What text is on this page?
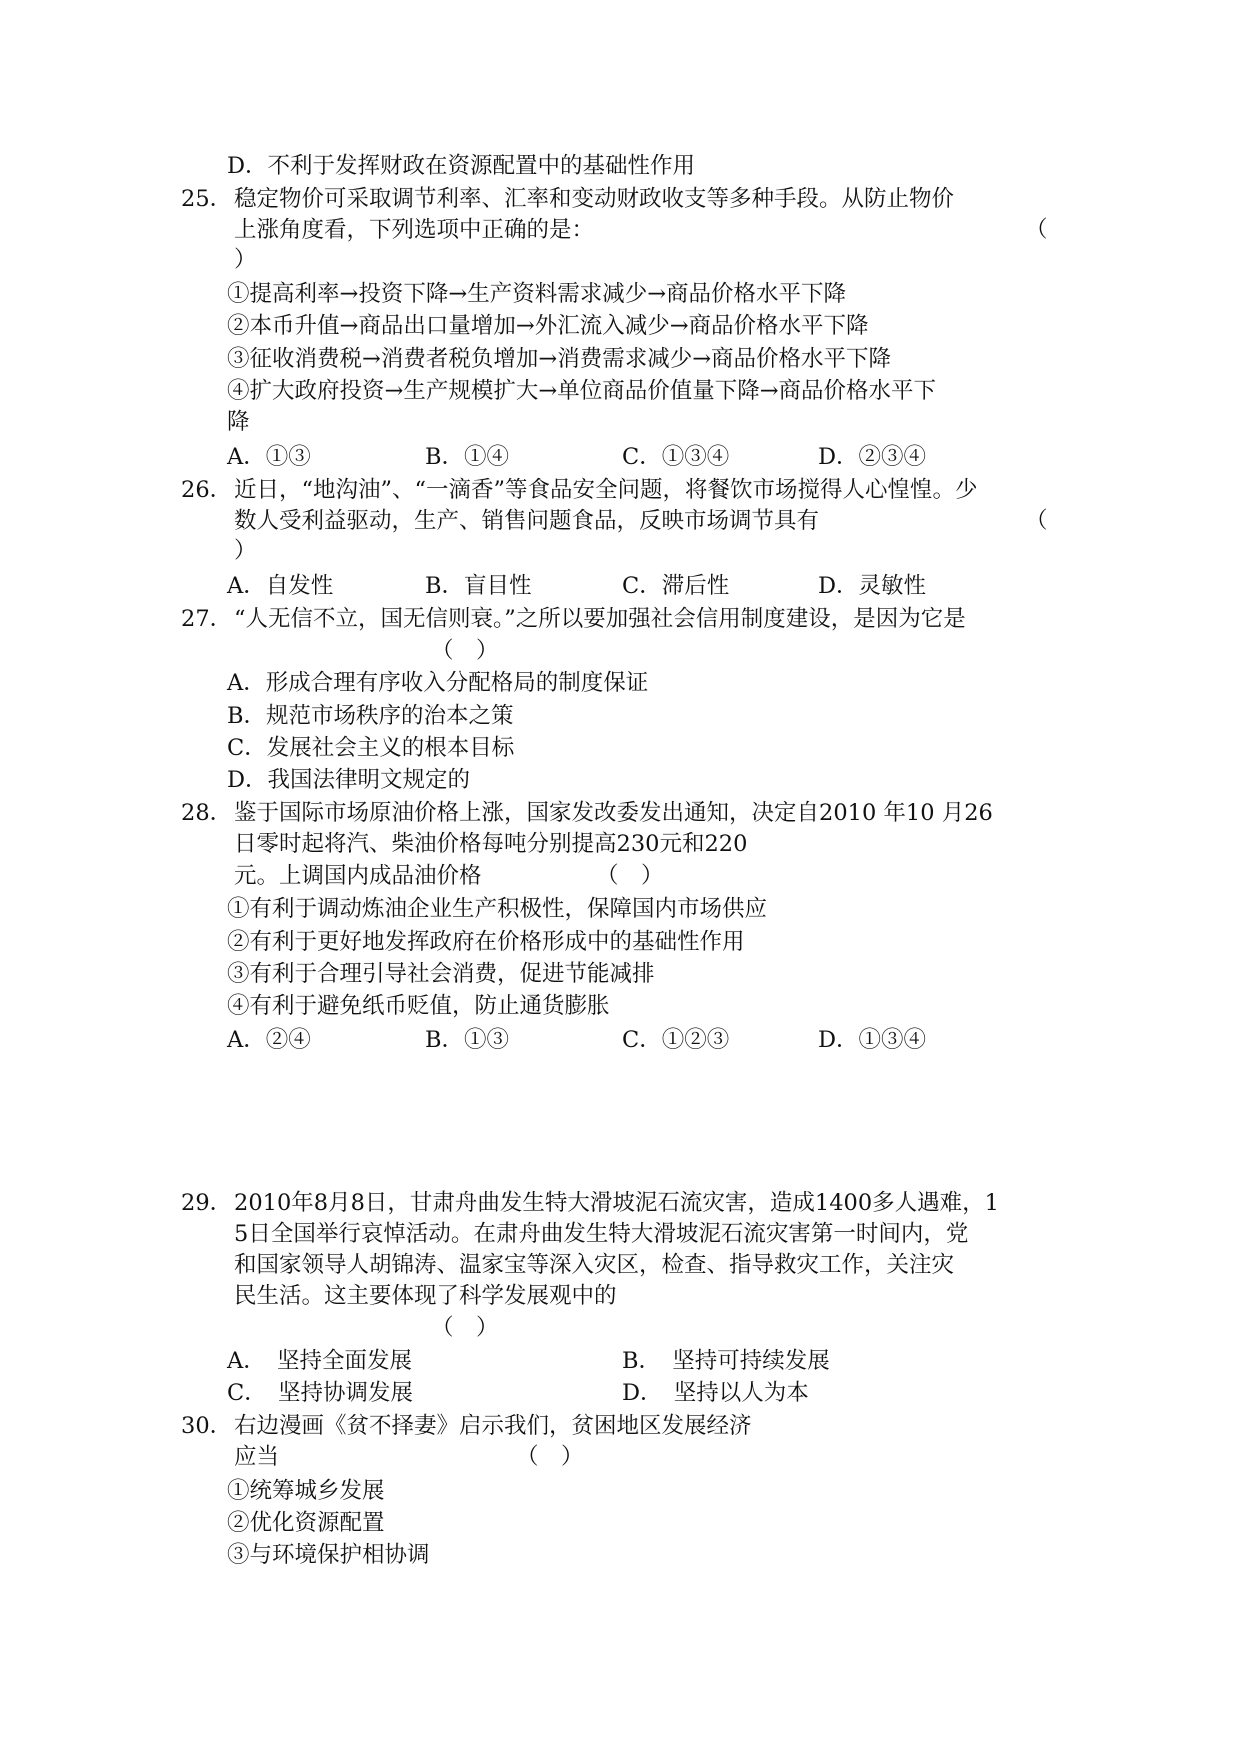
D．不利于发挥财政在资源配置中的基础性作用
25． 稳定物价可采取调节利率、汇率和变动财政收支等多种手段。从防止物价
上涨角度看，下列选项中正确的是：	（
）
①提高利率→投资下降→生产资料需求减少→商品价格水平下降
②本币升值→商品出口量增加→外汇流入减少→商品价格水平下降
③征收消费税→消费者税负增加→消费需求减少→商品价格水平下降
④扩大政府投资→生产规模扩大→单位商品价值量下降→商品价格水平下
降
A．①③	B．①④	C．①③④	D．②③④
26． 近日，“地沟油”、“一滴香”等食品安全问题，将餐饮市场搅得人心惶惶。少
数人受利益驱动，生产、销售问题食品，反映市场调节具有	（
）
A．自发性	B．盲目性	C．滞后性	D．灵敏性
27． “人无信不立，国无信则衰。”之所以要加强社会信用制度建设，是因为它是
（　）
A．形成合理有序收入分配格局的制度保证
B．规范市场秩序的治本之策
C．发展社会主义的根本目标
D．我国法律明文规定的
28． 鉴于国际市场原油价格上涨，国家发改委发出通知，决定自2010 年10 月26
日零时起将汽、柴油价格每吨分别提高230元和220
元。上调国内成品油价格	（　）
①有利于调动炼油企业生产积极性，保障国内市场供应
②有利于更好地发挥政府在价格形成中的基础性作用
③有利于合理引导社会消费，促进节能减排
④有利于避免纸币贬值，防止通货膨胀
A．②④	B．①③	C．①②③	D．①③④
29． 2010年8月8日，甘肃舟曲发生特大滑坡泥石流灾害，造成1400多人遇难，1
5日全国举行哀悼活动。在肃舟曲发生特大滑坡泥石流灾害第一时间内，党
和国家领导人胡锦涛、温家宝等深入灾区，检查、指导救灾工作，关注灾
民生活。这主要体现了科学发展观中的
（　）
A．　坚持全面发展	B．　坚持可持续发展
C．　坚持协调发展	D．　坚持以人为本
30． 右边漫画《贫不择妻》启示我们，贫困地区发展经济
应当	（　）
①统筹城乡发展
②优化资源配置
③与环境保护相协调
